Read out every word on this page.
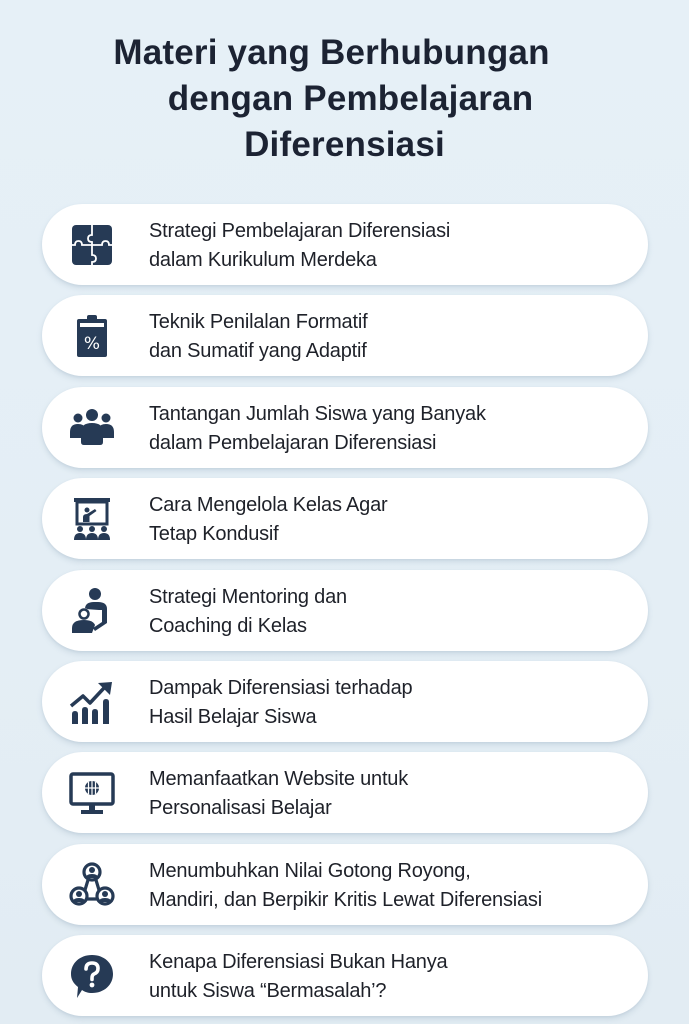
Materi yang Berhubungan
dengan Pembelajaran
Diferensiasi
Strategi Pembelajaran Diferensiasi
dalam Kurikulum Merdeka
%
Teknik Penilalan Formatif
dan Sumatif yang Adaptif
Tantangan Jumlah Siswa yang Banyak
dalam Pembelajaran Diferensiasi
Cara Mengelola Kelas Agar
Tetap Kondusif
Strategi Mentoring dan
Coaching di Kelas
Dampak Diferensiasi terhadap
Hasil Belajar Siswa
Memanfaatkan Website untuk
Personalisasi Belajar
Menumbuhkan Nilai Gotong Royong,
Mandiri, dan Berpikir Kritis Lewat Diferensiasi
Kenapa Diferensiasi Bukan Hanya
untuk Siswa “Bermasalah’?
